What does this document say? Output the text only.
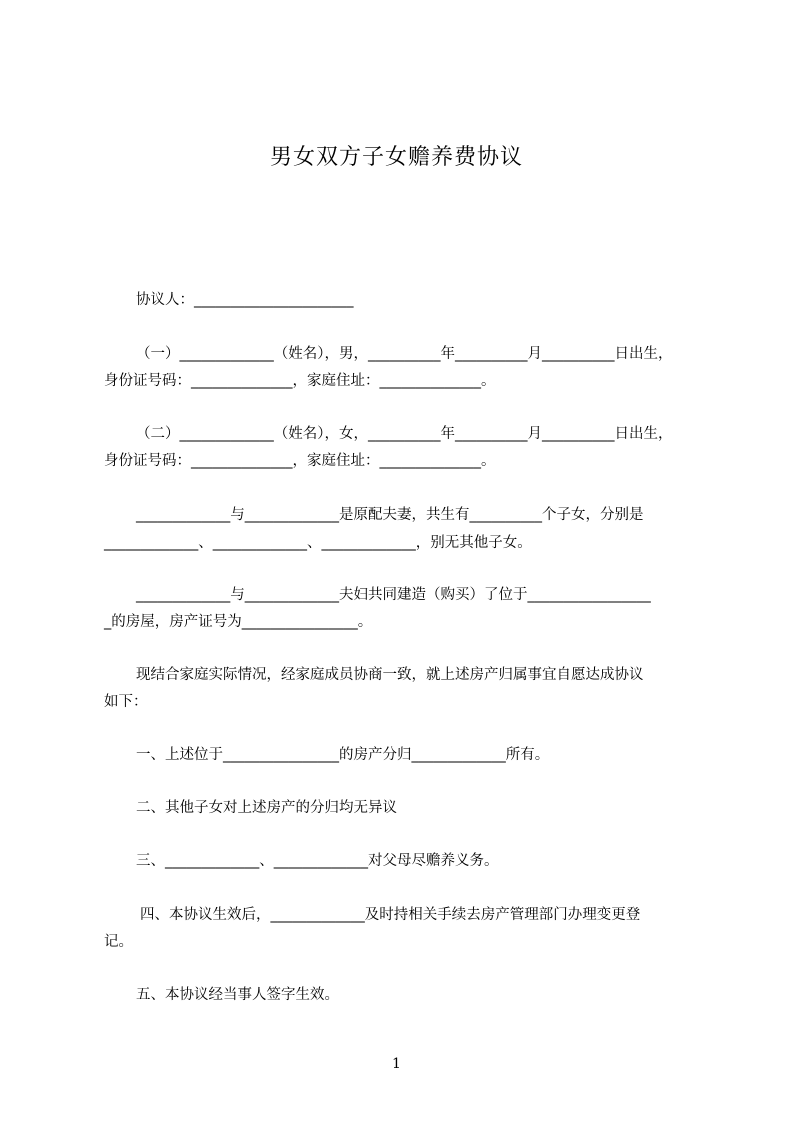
男女双方子女赡养费协议
协议人：______________________
（一）_____________（姓名），男，__________年__________月__________日出生，
身份证号码：______________，家庭住址：______________。
（二）_____________（姓名），女，__________年__________月__________日出生，
身份证号码：______________，家庭住址：______________。
_____________与_____________是原配夫妻，共生有__________个子女，分别是
_____________、_____________、_____________，别无其他子女。
_____________与_____________夫妇共同建造（购买）了位于_________________
_的房屋，房产证号为________________。
现结合家庭实际情况，经家庭成员协商一致，就上述房产归属事宜自愿达成协议
如下：
一、上述位于________________的房产分归_____________所有。
二、其他子女对上述房产的分归均无异议
三、_____________、_____________对父母尽赡养义务。
四、本协议生效后，_____________及时持相关手续去房产管理部门办理变更登
记。
五、本协议经当事人签字生效。
1
